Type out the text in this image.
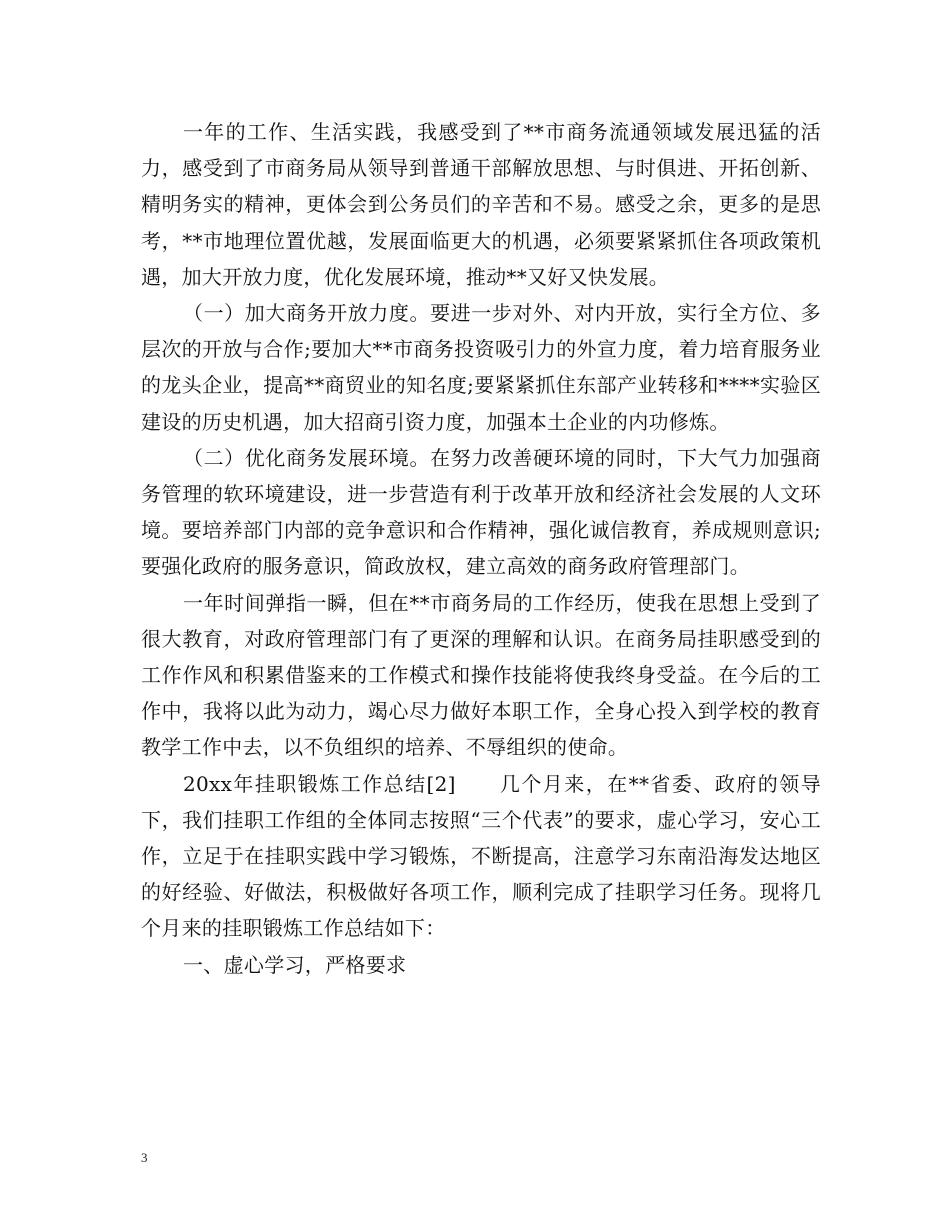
一年的工作、生活实践，我感受到了**市商务流通领域发展迅猛的活力，感受到了市商务局从领导到普通干部解放思想、与时俱进、开拓创新、精明务实的精神，更体会到公务员们的辛苦和不易。感受之余，更多的是思考，**市地理位置优越，发展面临更大的机遇，必须要紧紧抓住各项政策机遇，加大开放力度，优化发展环境，推动**又好又快发展。

（一）加大商务开放力度。要进一步对外、对内开放，实行全方位、多层次的开放与合作;要加大**市商务投资吸引力的外宣力度，着力培育服务业的龙头企业，提高**商贸业的知名度;要紧紧抓住东部产业转移和****实验区建设的历史机遇，加大招商引资力度，加强本土企业的内功修炼。

（二）优化商务发展环境。在努力改善硬环境的同时，下大气力加强商务管理的软环境建设，进一步营造有利于改革开放和经济社会发展的人文环境。要培养部门内部的竞争意识和合作精神，强化诚信教育，养成规则意识;要强化政府的服务意识，简政放权，建立高效的商务政府管理部门。

一年时间弹指一瞬，但在**市商务局的工作经历，使我在思想上受到了很大教育，对政府管理部门有了更深的理解和认识。在商务局挂职感受到的工作作风和积累借鉴来的工作模式和操作技能将使我终身受益。在今后的工作中，我将以此为动力，竭心尽力做好本职工作，全身心投入到学校的教育教学工作中去，以不负组织的培养、不辱组织的使命。

20xx年挂职锻炼工作总结[2]　　几个月来，在**省委、政府的领导下，我们挂职工作组的全体同志按照“三个代表”的要求，虚心学习，安心工作，立足于在挂职实践中学习锻炼，不断提高，注意学习东南沿海发达地区的好经验、好做法，积极做好各项工作，顺利完成了挂职学习任务。现将几个月来的挂职锻炼工作总结如下：

一、虚心学习，严格要求

3
